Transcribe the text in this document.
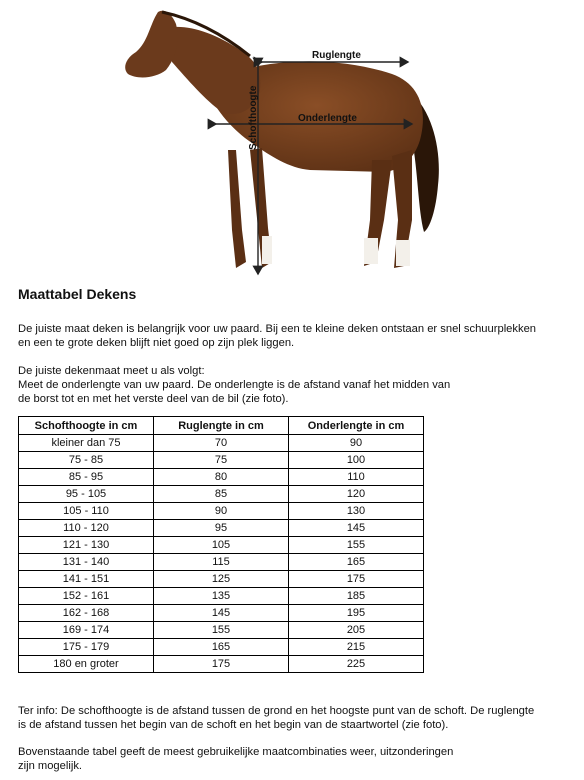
Ruglengte
Onderlengte
Schofthoogte
Maattabel Dekens
De juiste maat deken is belangrijk voor uw paard. Bij een te kleine deken ontstaan er snel schuurplekken
en een te grote deken blijft niet goed op zijn plek liggen.
De juiste dekenmaat meet u als volgt:
Meet de onderlengte van uw paard. De onderlengte is de afstand vanaf het midden van
de borst tot en met het verste deel van de bil (zie foto).
Schofthoogte in cm	Ruglengte in cm	Onderlengte in cm
kleiner dan 75	70	90
75 - 85	75	100
85 - 95	80	110
95 - 105	85	120
105 - 110	90	130
110 - 120	95	145
121 - 130	105	155
131 - 140	115	165
141 - 151	125	175
152 - 161	135	185
162 - 168	145	195
169 - 174	155	205
175 - 179	165	215
180 en groter	175	225
Ter info: De schofthoogte is de afstand tussen de grond en het hoogste punt van de schoft. De ruglengte
is de afstand tussen het begin van de schoft en het begin van de staartwortel (zie foto).
Bovenstaande tabel geeft de meest gebruikelijke maatcombinaties weer, uitzonderingen
zijn mogelijk.
